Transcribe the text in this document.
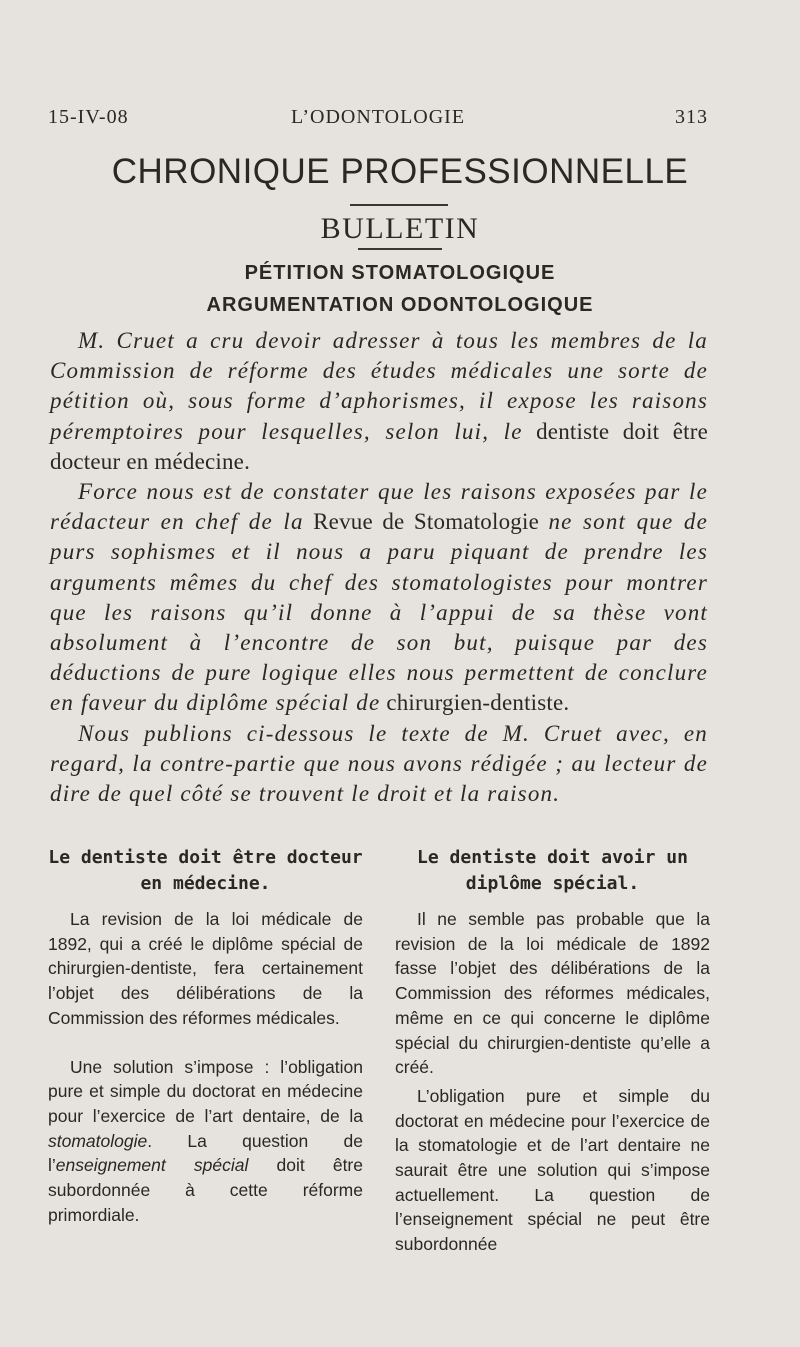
15-IV-08	L’ODONTOLOGIE	313
CHRONIQUE PROFESSIONNELLE
BULLETIN
PÉTITION STOMATOLOGIQUE
ARGUMENTATION ODONTOLOGIQUE

M. Cruet a cru devoir adresser à tous les membres de la Commission de réforme des études médicales une sorte de pétition où, sous forme d’aphorismes, il expose les raisons péremptoires pour lesquelles, selon lui, le dentiste doit être docteur en médecine.

Force nous est de constater que les raisons exposées par le rédacteur en chef de la Revue de Stomatologie ne sont que de purs sophismes et il nous a paru piquant de prendre les arguments mêmes du chef des stomatologistes pour montrer que les raisons qu’il donne à l’appui de sa thèse vont absolument à l’encontre de son but, puisque par des déductions de pure logique elles nous permettent de conclure en faveur du diplôme spécial de chirurgien-dentiste.

Nous publions ci-dessous le texte de M. Cruet avec, en regard, la contre-partie que nous avons rédigée ; au lecteur de dire de quel côté se trouvent le droit et la raison.

Le dentiste doit être docteur en médecine.

La revision de la loi médicale de 1892, qui a créé le diplôme spécial de chirurgien-dentiste, fera certainement l’objet des délibérations de la Commission des réformes médicales.

Une solution s’impose : l’obligation pure et simple du doctorat en médecine pour l’exercice de l’art dentaire, de la stomatologie. La question de l’enseignement spécial doit être subordonnée à cette réforme primordiale.

Le dentiste doit avoir un diplôme spécial.

Il ne semble pas probable que la revision de la loi médicale de 1892 fasse l’objet des délibérations de la Commission des réformes médicales, même en ce qui concerne le diplôme spécial du chirurgien-dentiste qu’elle a créé.

L’obligation pure et simple du doctorat en médecine pour l’exercice de la stomatologie et de l’art dentaire ne saurait être une solution qui s’impose actuellement. La question de l’enseignement spécial ne peut être subordonnée
